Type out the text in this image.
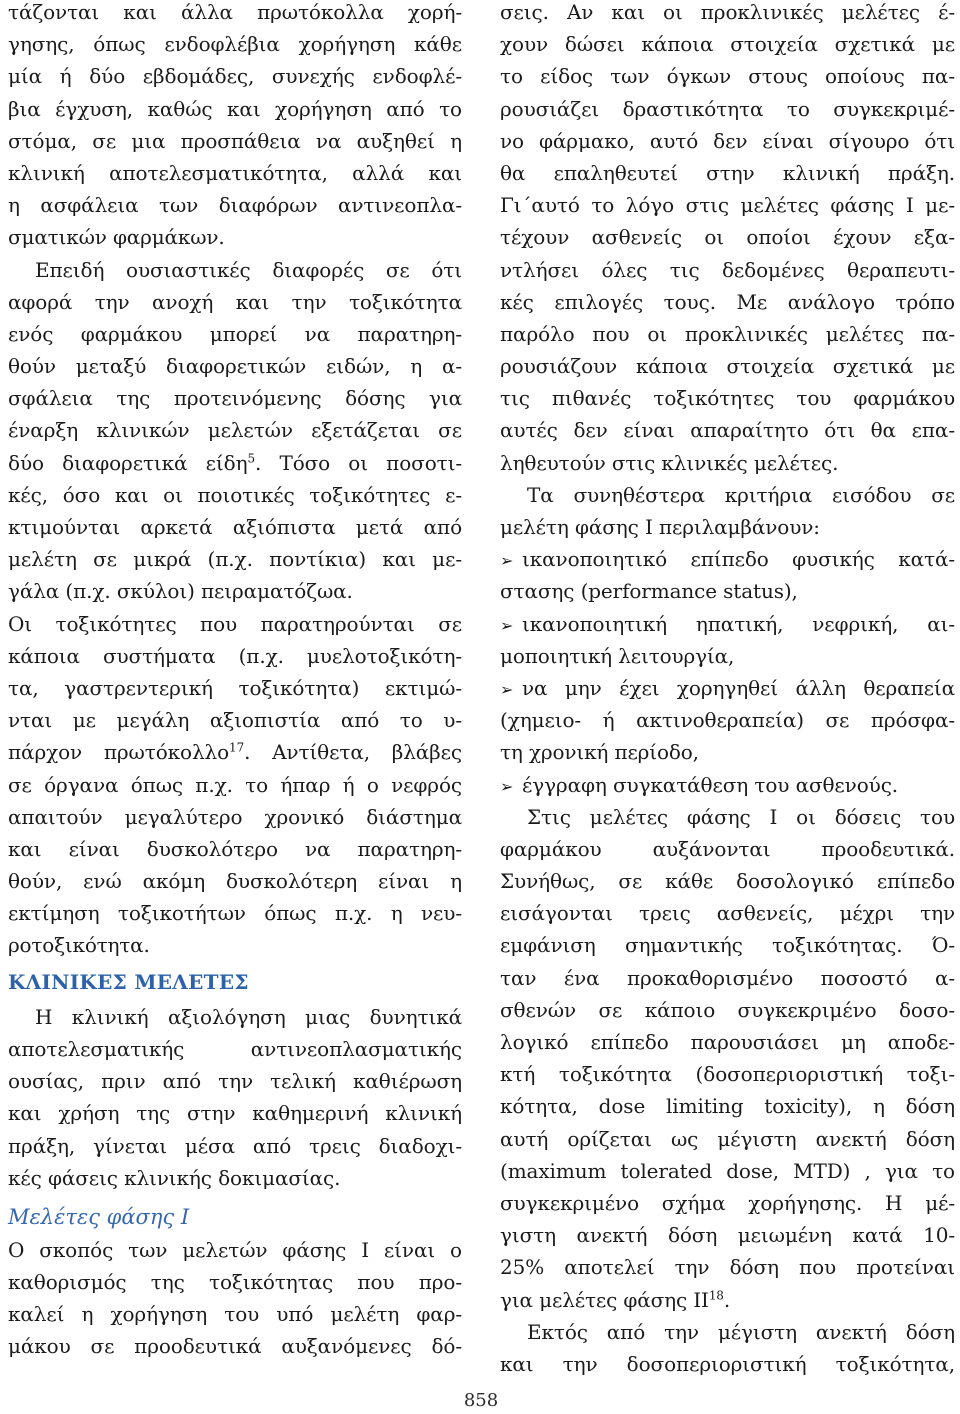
τάζονται και άλλα πρωτόκολλα χορή-
γησης, όπως ενδοφλέβια χορήγηση κάθε
μία ή δύο εβδομάδες, συνεχής ενδοφλέ-
βια έγχυση, καθώς και χορήγηση από το
στόμα, σε μια προσπάθεια να αυξηθεί η
κλινική αποτελεσματικότητα, αλλά και
η ασφάλεια των διαφόρων αντινεοπλα-
σματικών φαρμάκων.
Επειδή ουσιαστικές διαφορές σε ότι
αφορά την ανοχή και την τοξικότητα
ενός φαρμάκου μπορεί να παρατηρη-
θούν μεταξύ διαφορετικών ειδών, η α-
σφάλεια της προτεινόμενης δόσης για
έναρξη κλινικών μελετών εξετάζεται σε
δύο διαφορετικά είδη$^5$. Τόσο οι ποσοτι-
κές, όσο και οι ποιοτικές τοξικότητες ε-
κτιμούνται αρκετά αξιόπιστα μετά από
μελέτη σε μικρά (π.χ. ποντίκια) και με-
γάλα (π.χ. σκύλοι) πειραματόζωα.
Οι τοξικότητες που παρατηρούνται σε
κάποια συστήματα (π.χ. μυελοτοξικότη-
τα, γαστρεντερική τοξικότητα) εκτιμώ-
νται με μεγάλη αξιοπιστία από το υ-
πάρχον πρωτόκολλο$^{17}$. Αντίθετα, βλάβες
σε όργανα όπως π.χ. το ήπαρ ή ο νεφρός
απαιτούν μεγαλύτερο χρονικό διάστημα
και είναι δυσκολότερο να παρατηρη-
θούν, ενώ ακόμη δυσκολότερη είναι η
εκτίμηση τοξικοτήτων όπως π.χ. η νευ-
ροτοξικότητα.
ΚΛΙΝΙΚΕΣ ΜΕΛΕΤΕΣ
Η κλινική αξιολόγηση μιας δυνητικά
αποτελεσματικής αντινεοπλασματικής
ουσίας, πριν από την τελική καθιέρωση
και χρήση της στην καθημερινή κλινική
πράξη, γίνεται μέσα από τρεις διαδοχι-
κές φάσεις κλινικής δοκιμασίας.
Μελέτες φάσης Ι
Ο σκοπός των μελετών φάσης Ι είναι ο
καθορισμός της τοξικότητας που προ-
καλεί η χορήγηση του υπό μελέτη φαρ-
μάκου σε προοδευτικά αυξανόμενες δό-
σεις. Αν και οι προκλινικές μελέτες έ-
χουν δώσει κάποια στοιχεία σχετικά με
το είδος των όγκων στους οποίους πα-
ρουσιάζει δραστικότητα το συγκεκριμέ-
νο φάρμακο, αυτό δεν είναι σίγουρο ότι
θα επαληθευτεί στην κλινική πράξη.
Γι΄αυτό το λόγο στις μελέτες φάσης Ι με-
τέχουν ασθενείς οι οποίοι έχουν εξα-
ντλήσει όλες τις δεδομένες θεραπευτι-
κές επιλογές τους. Με ανάλογο τρόπο
παρόλο που οι προκλινικές μελέτες πα-
ρουσιάζουν κάποια στοιχεία σχετικά με
τις πιθανές τοξικότητες του φαρμάκου
αυτές δεν είναι απαραίτητο ότι θα επα-
ληθευτούν στις κλινικές μελέτες.
Τα συνηθέστερα κριτήρια εισόδου σε
μελέτη φάσης Ι περιλαμβάνουν:
➢ικανοποιητικό επίπεδο φυσικής κατά-
στασης (performance status),
➢ικανοποιητική ηπατική, νεφρική, αι-
μοποιητική λειτουργία,
➢να μην έχει χορηγηθεί άλλη θεραπεία
(χημειο- ή ακτινοθεραπεία) σε πρόσφα-
τη χρονική περίοδο,
➢έγγραφη συγκατάθεση του ασθενούς.
Στις μελέτες φάσης Ι οι δόσεις του
φαρμάκου αυξάνονται προοδευτικά.
Συνήθως, σε κάθε δοσολογικό επίπεδο
εισάγονται τρεις ασθενείς, μέχρι την
εμφάνιση σημαντικής τοξικότητας. Ό-
ταν ένα προκαθορισμένο ποσοστό α-
σθενών σε κάποιο συγκεκριμένο δοσο-
λογικό επίπεδο παρουσιάσει μη αποδε-
κτή τοξικότητα (δοσοπεριοριστική τοξι-
κότητα, dose limiting toxicity), η δόση
αυτή ορίζεται ως μέγιστη ανεκτή δόση
(maximum tolerated dose, MTD) , για το
συγκεκριμένο σχήμα χορήγησης. Η μέ-
γιστη ανεκτή δόση μειωμένη κατά 10-
25% αποτελεί την δόση που προτείναι
για μελέτες φάσης ΙΙ$^{18}$.
Εκτός από την μέγιστη ανεκτή δόση
και την δοσοπεριοριστική τοξικότητα,
858
